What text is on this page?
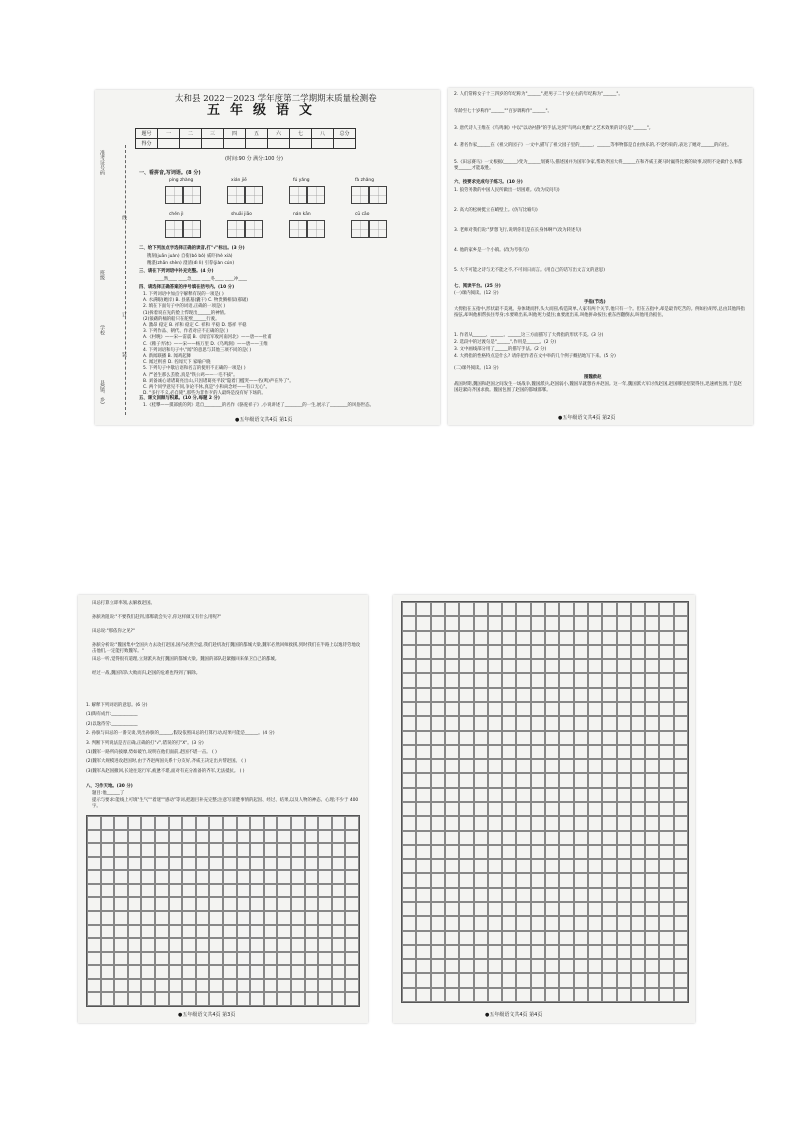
太和县 2022－2023 学年度第二学期期末质量检测卷
五年级语文
题号	一	二	三	四	五	六	七	八	总分
得分									
(时间:90 分 满分:100 分)
一、看拼音,写词语。(8 分)
píng zhàng	xián jiē	fú yǎng	fà zhǎng
chén jì	shuāi jiāo	nán kān	cū cāo
二、给下列加点字选择正确的读音,打"√"标出。(3 分)
镌刻(juān juàn) 自衔(bó bó) 威吓(hè xià)
精湛(zhān shèn) 澄清(dì lì) 引荐(jiàn cún)
三、请在下列词语中补充完整。(4 分)
____然____ ____急____ ____冬____ ____冲____
四、请选择正确答案的序号填在括号内。(10 分)
1. 下列词语中加点字解释有误的一项是( )
A. 水满眼(她岸) B. 县墓墓(囊干) C. 物贵腾相似(郝破)
2. 填在下面句子中的词语,正确的一项是( )
(1)拆着说在先的脸上悍现出______的神情。
(2)狼藉的桶的船只在舵壁______行驶。
A. 激昂 稳定 B. 祥和 稳定 C. 祥和 平稳 D. 悠祥 平稳
3. 下列作品、朝代、作者对应不正确的是( )
A.《村晚》——宋—雷震 B.《闻官军收河南河北》——唐——杜甫
C.《稚子弄冰》——宋——杨万里 D.《乌鸣涧》——唐——王维
4. 下列词语和句子中,"闻"的意思与其他三项不同的是( )
A. 新闻联播 B. 闻鸡起舞
C. 闻过则喜 D. 名闻天下 家喻户晓
5. 下列句子中歇后语和名言的使用不正确的一项是( )
A. 严爸生那么丢脸,真是"铁公鸡——一毛不拔"。
B. 刘备诚心请诸葛亮出山,只因诸葛亮平较"隐着门槛哭——名(鸣)声在外了"。
C. 两个同学意见不同,争论不休,真是"小和尚念经——有口无心"。
D. "多行不义,必自毙",那些为非作歹的人最终是没有好下场的。
五、课文回顾与积累。(10 分,每题 2 分)
1.《桂攀——摸部族的剑》选自________的名作《骆驼祥子》,小说讲述了________的一生,展示了________的风俗世态。
●五年级语文共4页 第1页
准考证号码
班级
学校
县(镇、乡)
线
订
装
2. 人们常称女子十三四岁的年纪称为"______",把男子二十岁左右的年纪称为"______"。
年龄至七十岁称作"______""百岁调称作"______"。
3. 唐代诗人王维在《鸟鸣涧》中以"以动衬静"的手法,达到"鸟鸣山更幽"之艺术效果的诗句是"______"。
4. 著名作家______在《祖父的园子》一文中,描写了祖父园子里的______、______等事物都是自由快乐的,不受约束的,表达了她对______的向往。
5.《田忌赛马》一文根据(______)变为______划赛马,描述国并为国军争家,帮助齐国大将______在和齐威王赛马时赢得比赛的故事,说明不论做什么事都要______才能取胜。
六、按要求完成句子练习。(10 分)
1. 狼劳务教的中国人民所做出一切困难。(改为反问句)
2. 高大的松树挺立在峭壁上。(仿写比喻句)
3. 老师对我们说:"梦想飞行,说明你们是在长身体啊!"(改为转述句)
4. 他的家乡是一个小镇。(改为夸张句)
5. 大不可能之诗与无不能之不,不可同日而言。(用自己的话写出文言文的意思)
七、阅读平台。(25 分)
(一)课内阅读。(12 分)
手指(节选)
大拇指在五指中,形状最不美观。身体矮而胖,头大而圆,构造简单,人家有两个关节,他只有一个。但在五指中,却是最肯吃苦的。例如拉胡琴,总由其他四指按弦,却叫他相帮扶住琴身;水要喷出来,叫他死力抵住;血要流出来,叫他拼命按住;重东西翻倒去,叫他用劲扳住。
1. 作者从______、______、______这三方面描写了大拇指的形状不美。(3 分)
2. 选段中的过渡句是"______",作用是______。(2 分)
3. 文中画线部分用了______的描写手法。(2 分)
4. 大拇指的性格特点是什么? 请你把作者在文中举的几个例子概括地写下来。(5 分)
(二)课外阅读。(13 分)
围魏救赵
战国时期,魏国和赵国之间发生一场战争,魏国派兵,赵国弱小,魏国早就想吞并赵国。这一年,魏国派大军讨伐赵国,赵国哪里招架得住,迅速被包围,于是赵国赶紧向齐国求救。魏国包围了赵国的都城邯郸。
●五年级语文共4页 第2页
田忌打算立即率领,去解救赵国。
孙膑劝阻说:"不要我们赶到,邯郸就会失守,你这样做又有什么用呢?"
田忌说:"那依你之见?"
孙膑分析说:"魏国集中全国兵力去攻打赵国,国内必然空虚,我们趁机攻打魏国的都城大梁,魏军必然回师救援,到时我们在半路上以逸待劳地攻击他们,一定能打败魏军。"
田忌一听,觉得很有道理,立刻派兵攻打魏国的都城大梁。魏国的部队赶紧撤回来保卫自己的都城。
经过一战,魏国军队大败而归,赵国的危难也得到了解除。
1. 解释下列词语的意思。(6 分)
(1)陶有成竹:____________
(2)以逸待劳:____________
2. 孙膑与田忌的一番交谈,突出孙膑的______,假设依照田忌的打算行动,结果可能是______。(4 分)
3. 判断下列说法是否正确,正确的打"√",错误的打"X"。(3 分)
(1)魏军一路所向披靡,势如破竹,说明在他们面前,赵国不堪一击。 ( )
(2)魏军大规模进攻赵国时,由于齐赵两国关系十分友好,齐威王决定出兵帮赵国。 ( )
(3)魏军从赵国撤回,长途往返行军,疲惫不堪,面对有充分准备的齐军,无法抵抗。 ( )
八、习作天地。(30 分)
题目:他______了
提示与要求:能线上可填"生气""着迷""感动"等词,把题目补充完整;注意写清楚事情的起因、经过、结果,以及人物的神态、心理;不少于 400 字。
●五年级语文共4页 第3页	●五年级语文共4页 第4页
